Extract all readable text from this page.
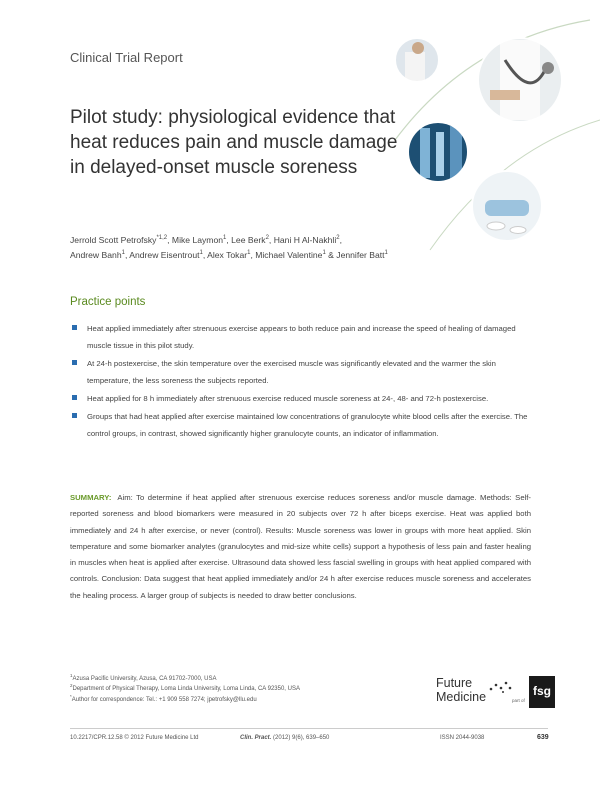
Clinical Trial Report
Pilot study: physiological evidence that heat reduces pain and muscle damage in delayed-onset muscle soreness
Jerrold Scott Petrofsky$^{*1,2}$, Mike Laymon$^1$, Lee Berk$^2$, Hani H Al-Nakhli$^2$,
Andrew Banh$^1$, Andrew Eisentrout$^1$, Alex Tokar$^1$, Michael Valentine$^1$ & Jennifer Batt$^1$
Practice points
Heat applied immediately after strenuous exercise appears to both reduce pain and increase the speed of healing of damaged muscle tissue in this pilot study.
At 24-h postexercise, the skin temperature over the exercised muscle was significantly elevated and the warmer the skin temperature, the less soreness the subjects reported.
Heat applied for 8 h immediately after strenuous exercise reduced muscle soreness at 24-, 48- and 72-h postexercise.
Groups that had heat applied after exercise maintained low concentrations of granulocyte white blood cells after the exercise. The control groups, in contrast, showed significantly higher granulocyte counts, an indicator of inflammation.
SUMMARY: Aim: To determine if heat applied after strenuous exercise reduces soreness and/or muscle damage. Methods: Self-reported soreness and blood biomarkers were measured in 20 subjects over 72 h after biceps exercise. Heat was applied both immediately and 24 h after exercise, or never (control). Results: Muscle soreness was lower in groups with more heat applied. Skin temperature and some biomarker analytes (granulocytes and mid-size white cells) support a hypothesis of less pain and faster healing in muscles when heat is applied after exercise. Ultrasound data showed less fascial swelling in groups with heat applied compared with controls. Conclusion: Data suggest that heat applied immediately and/or 24 h after exercise reduces muscle soreness and accelerates the healing process. A larger group of subjects is needed to draw better conclusions.
$^1$Azusa Pacific University, Azusa, CA 91702-7000, USA
$^2$Department of Physical Therapy, Loma Linda University, Loma Linda, CA 92350, USA
*Author for correspondence: Tel.: +1 909 558 7274; jpetrofsky@llu.edu
Future
Medicine	part of
fsg
10.2217/CPR.12.58 © 2012 Future Medicine Ltd	Clin. Pract. (2012) 9(6), 639–650	ISSN 2044-9038	639
